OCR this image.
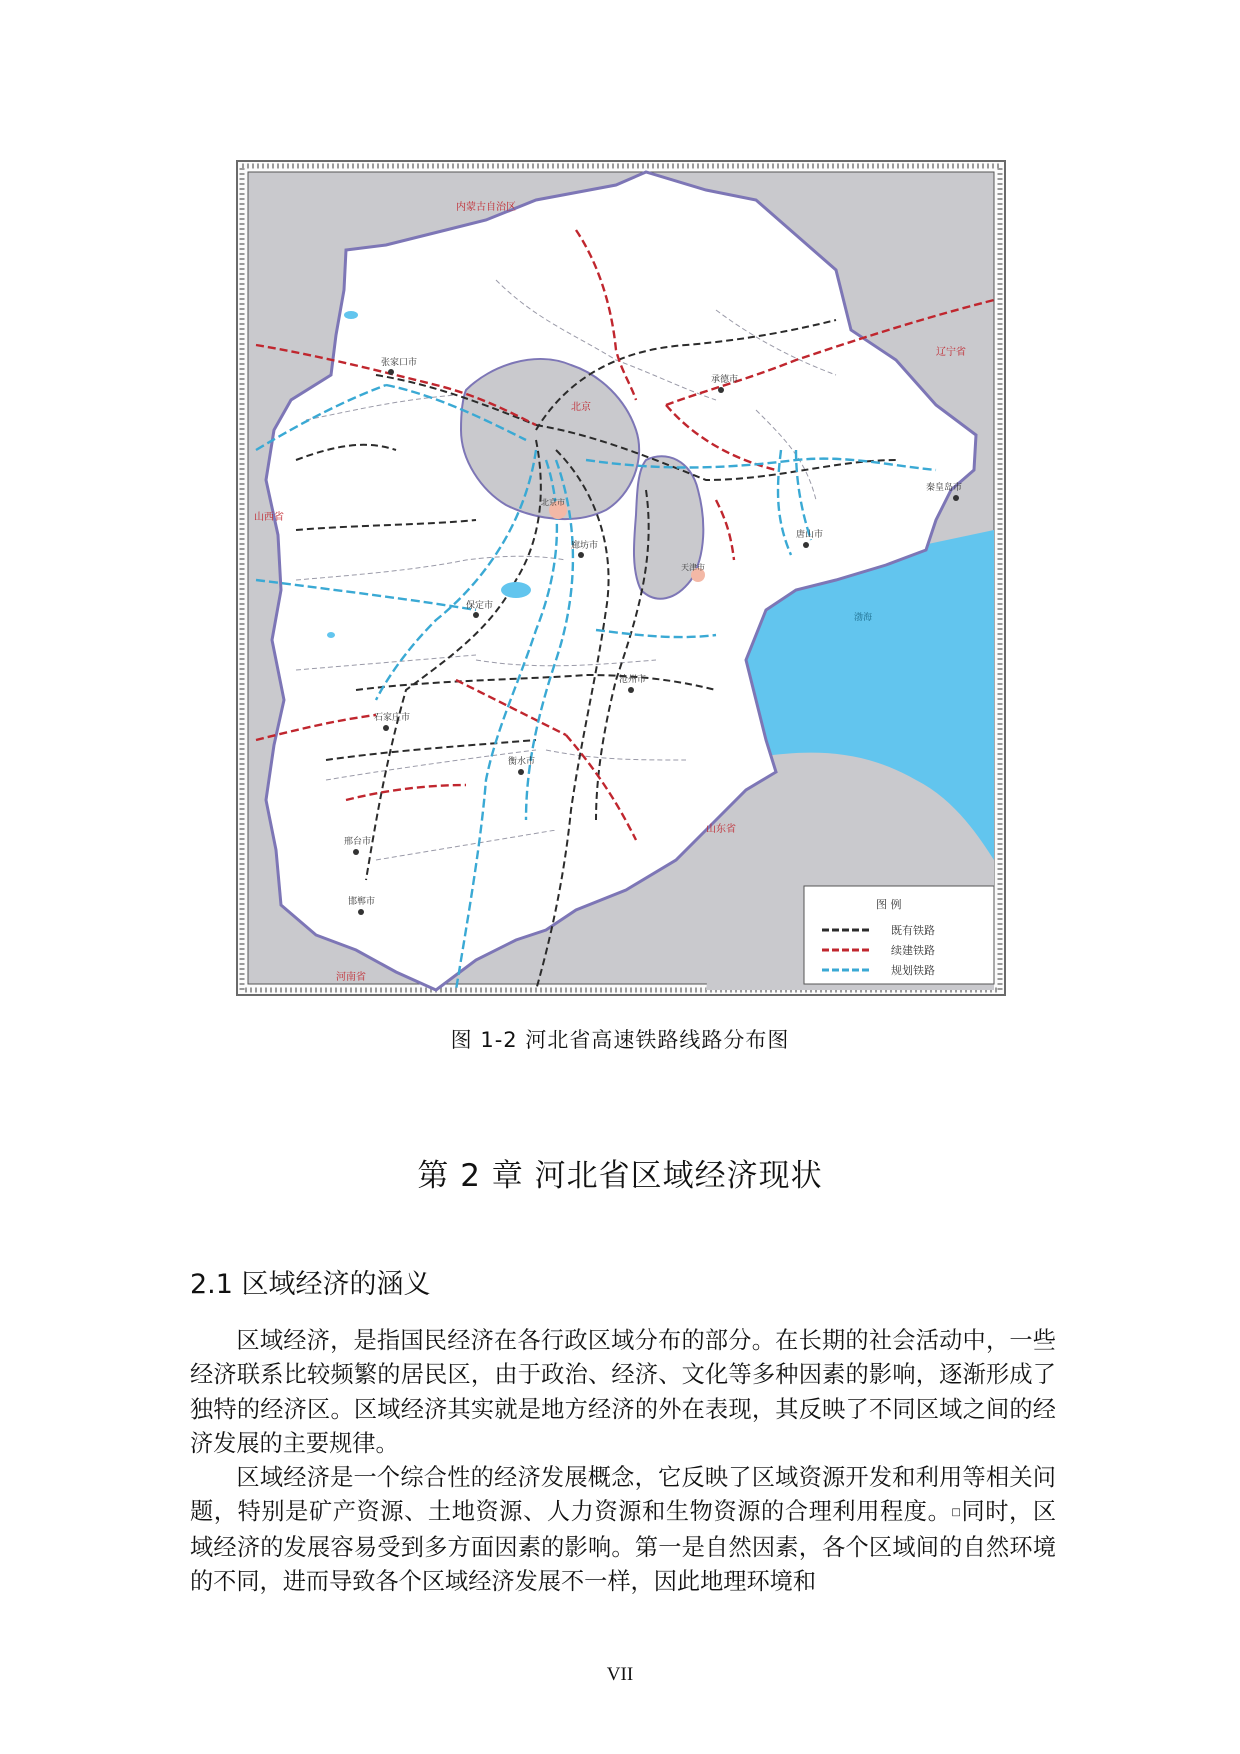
内蒙古自治区
辽宁省
北京
北京市
天津市
山西省
山东省
河南省
渤海
张家口市
承德市
秦皇岛市
唐山市
廊坊市
保定市
沧州市
石家庄市
衡水市
邢台市
邯郸市	图 例
既有铁路
续建铁路
规划铁路
图 1-2 河北省高速铁路线路分布图
第 2 章 河北省区域经济现状
2.1 区域经济的涵义

区域经济，是指国民经济在各行政区域分布的部分。在长期的社会活动中，一些经济联系比较频繁的居民区，由于政治、经济、文化等多种因素的影响，逐渐形成了独特的经济区。区域经济其实就是地方经济的外在表现，其反映了不同区域之间的经济发展的主要规律。

区域经济是一个综合性的经济发展概念，它反映了区域资源开发和利用等相关问题，特别是矿产资源、土地资源、人力资源和生物资源的合理利用程度。□同时，区域经济的发展容易受到多方面因素的影响。第一是自然因素，各个区域间的自然环境的不同，进而导致各个区域经济发展不一样，因此地理环境和

VII
